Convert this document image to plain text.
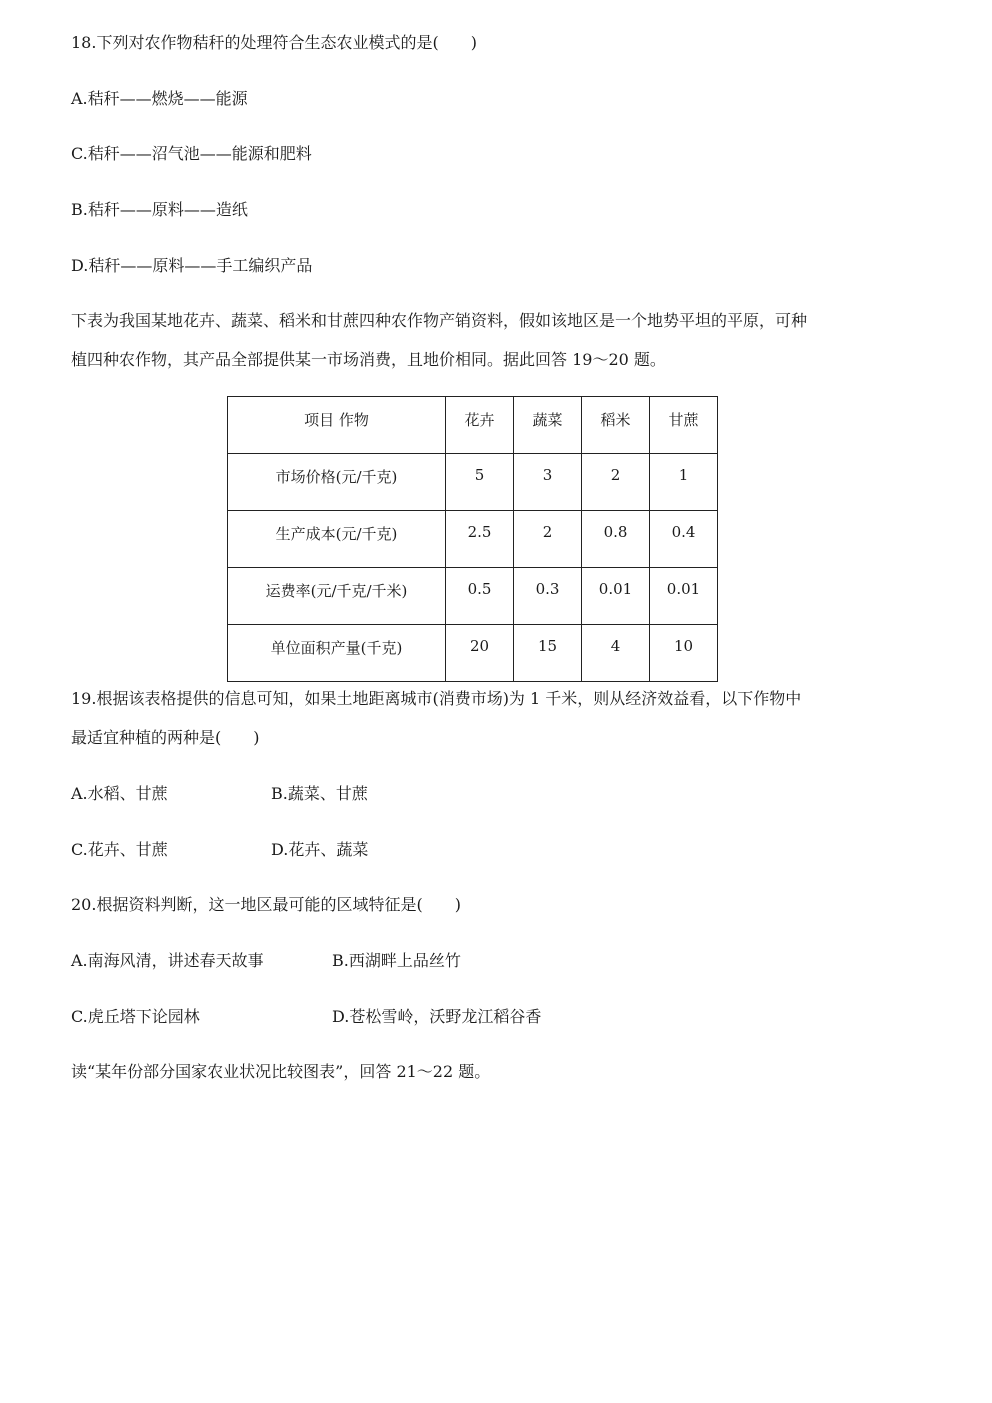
18.下列对农作物秸秆的处理符合生态农业模式的是(　　)
A.秸秆——燃烧——能源
C.秸秆——沼气池——能源和肥料
B.秸秆——原料——造纸
D.秸秆——原料——手工编织产品
下表为我国某地花卉、蔬菜、稻米和甘蔗四种农作物产销资料，假如该地区是一个地势平坦的平原，可种
植四种农作物，其产品全部提供某一市场消费，且地价相同。据此回答 19～20 题。
项目 作物	花卉	蔬菜	稻米	甘蔗
市场价格(元/千克)	5	3	2	1
生产成本(元/千克)	2.5	2	0.8	0.4
运费率(元/千克/千米)	0.5	0.3	0.01	0.01
单位面积产量(千克)	20	15	4	10
19.根据该表格提供的信息可知，如果土地距离城市(消费市场)为 1 千米，则从经济效益看，以下作物中
最适宜种植的两种是(　　)
A.水稻、甘蔗	B.蔬菜、甘蔗
C.花卉、甘蔗	D.花卉、蔬菜
20.根据资料判断，这一地区最可能的区域特征是(　　)
A.南海风清，讲述春天故事	B.西湖畔上品丝竹
C.虎丘塔下论园林	D.苍松雪岭，沃野龙江稻谷香
读“某年份部分国家农业状况比较图表”，回答 21～22 题。
